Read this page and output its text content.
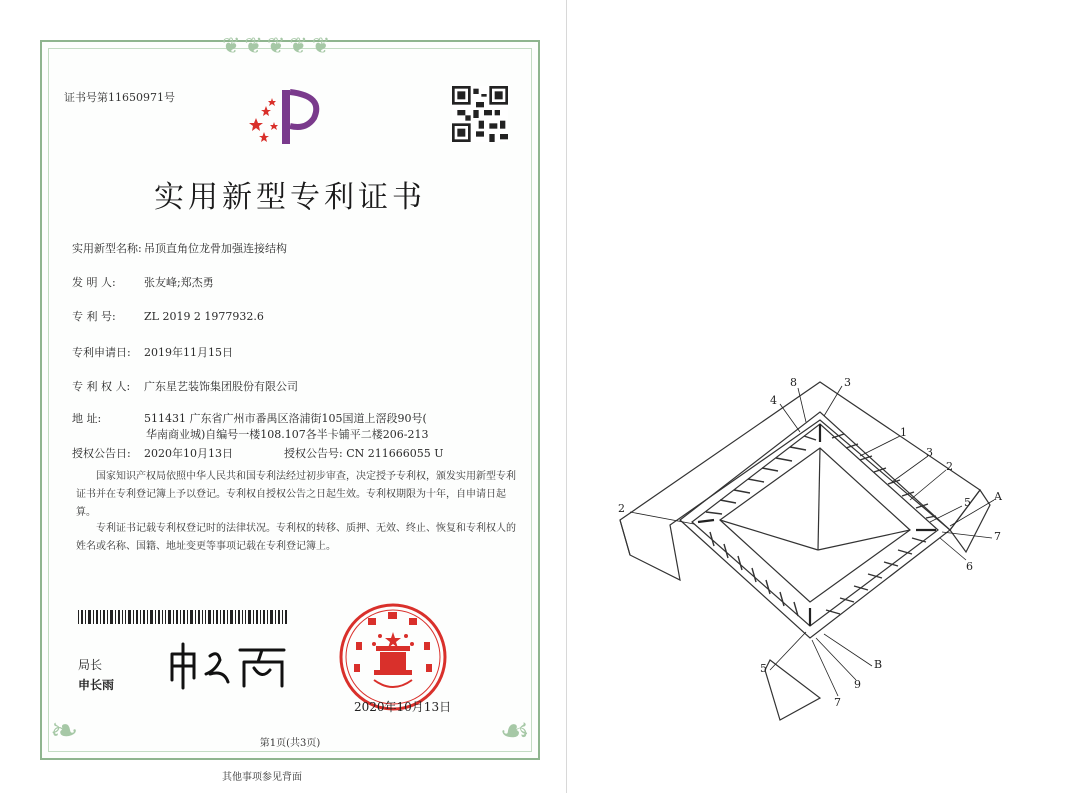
❦❦❦❦❦
❧	☙
证书号第11650971号
实用新型专利证书
实用新型名称: 吊顶直角位龙骨加强连接结构
发 明 人:	张友峰;郑杰勇
专 利 号:	ZL 2019 2 1977932.6
专利申请日: 2019年11月15日
专 利 权 人: 广东星艺装饰集团股份有限公司
地 址:	511431 广东省广州市番禺区洛浦街105国道上滘段90号(
华南商业城)自编号一楼108.107各半卡铺平二楼206-213
授权公告日: 2020年10月13日	授权公告号: CN 211666055 U
国家知识产权局依照中华人民共和国专利法经过初步审查，决定授予专利权，颁发实用新型专利证书并在专利登记簿上予以登记。专利权自授权公告之日起生效。专利权期限为十年，自申请日起算。
专利证书记载专利权登记时的法律状况。专利权的转移、质押、无效、终止、恢复和专利权人的姓名或名称、国籍、地址变更等事项记载在专利登记簿上。
局长
申长雨
2020年10月13日
第1页(共3页)
其他事项参见背面
8	3
4
1
3
2
5 A
2
7
6
5	B
9
7
